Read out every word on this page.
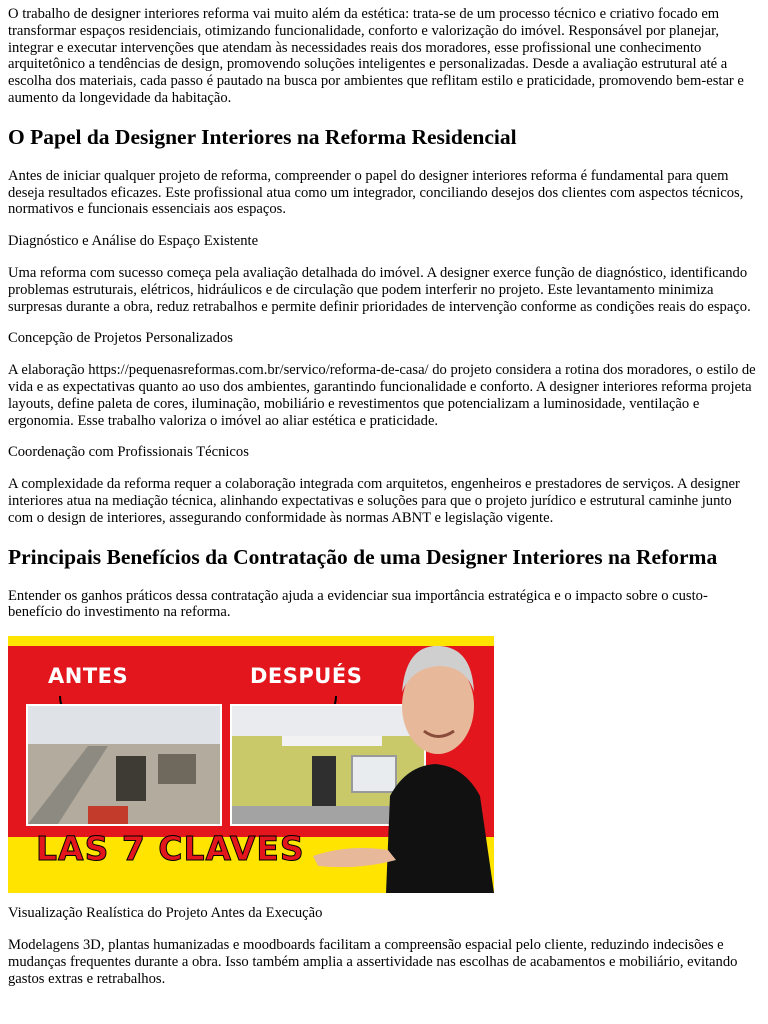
O trabalho de designer interiores reforma vai muito além da estética: trata-se de um processo técnico e criativo focado em transformar espaços residenciais, otimizando funcionalidade, conforto e valorização do imóvel. Responsável por planejar, integrar e executar intervenções que atendam às necessidades reais dos moradores, esse profissional une conhecimento arquitetônico a tendências de design, promovendo soluções inteligentes e personalizadas. Desde a avaliação estrutural até a escolha dos materiais, cada passo é pautado na busca por ambientes que reflitam estilo e praticidade, promovendo bem-estar e aumento da longevidade da habitação.

O Papel da Designer Interiores na Reforma Residencial

Antes de iniciar qualquer projeto de reforma, compreender o papel do designer interiores reforma é fundamental para quem deseja resultados eficazes. Este profissional atua como um integrador, conciliando desejos dos clientes com aspectos técnicos, normativos e funcionais essenciais aos espaços.

Diagnóstico e Análise do Espaço Existente

Uma reforma com sucesso começa pela avaliação detalhada do imóvel. A designer exerce função de diagnóstico, identificando problemas estruturais, elétricos, hidráulicos e de circulação que podem interferir no projeto. Este levantamento minimiza surpresas durante a obra, reduz retrabalhos e permite definir prioridades de intervenção conforme as condições reais do espaço.

Concepção de Projetos Personalizados

A elaboração https://pequenasreformas.com.br/servico/reforma-de-casa/ do projeto considera a rotina dos moradores, o estilo de vida e as expectativas quanto ao uso dos ambientes, garantindo funcionalidade e conforto. A designer interiores reforma projeta layouts, define paleta de cores, iluminação, mobiliário e revestimentos que potencializam a luminosidade, ventilação e ergonomia. Esse trabalho valoriza o imóvel ao aliar estética e praticidade.

Coordenação com Profissionais Técnicos

A complexidade da reforma requer a colaboração integrada com arquitetos, engenheiros e prestadores de serviços. A designer interiores atua na mediação técnica, alinhando expectativas e soluções para que o projeto jurídico e estrutural caminhe junto com o design de interiores, assegurando conformidade às normas ABNT e legislação vigente.

Principais Benefícios da Contratação de uma Designer Interiores na Reforma

Entender os ganhos práticos dessa contratação ajuda a evidenciar sua importância estratégica e o impacto sobre o custo-benefício do investimento na reforma.

ANTES	DESPUÉS
LAS 7 CLAVES
Visualização Realística do Projeto Antes da Execução

Modelagens 3D, plantas humanizadas e moodboards facilitam a compreensão espacial pelo cliente, reduzindo indecisões e mudanças frequentes durante a obra. Isso também amplia a assertividade nas escolhas de acabamentos e mobiliário, evitando gastos extras e retrabalhos.
